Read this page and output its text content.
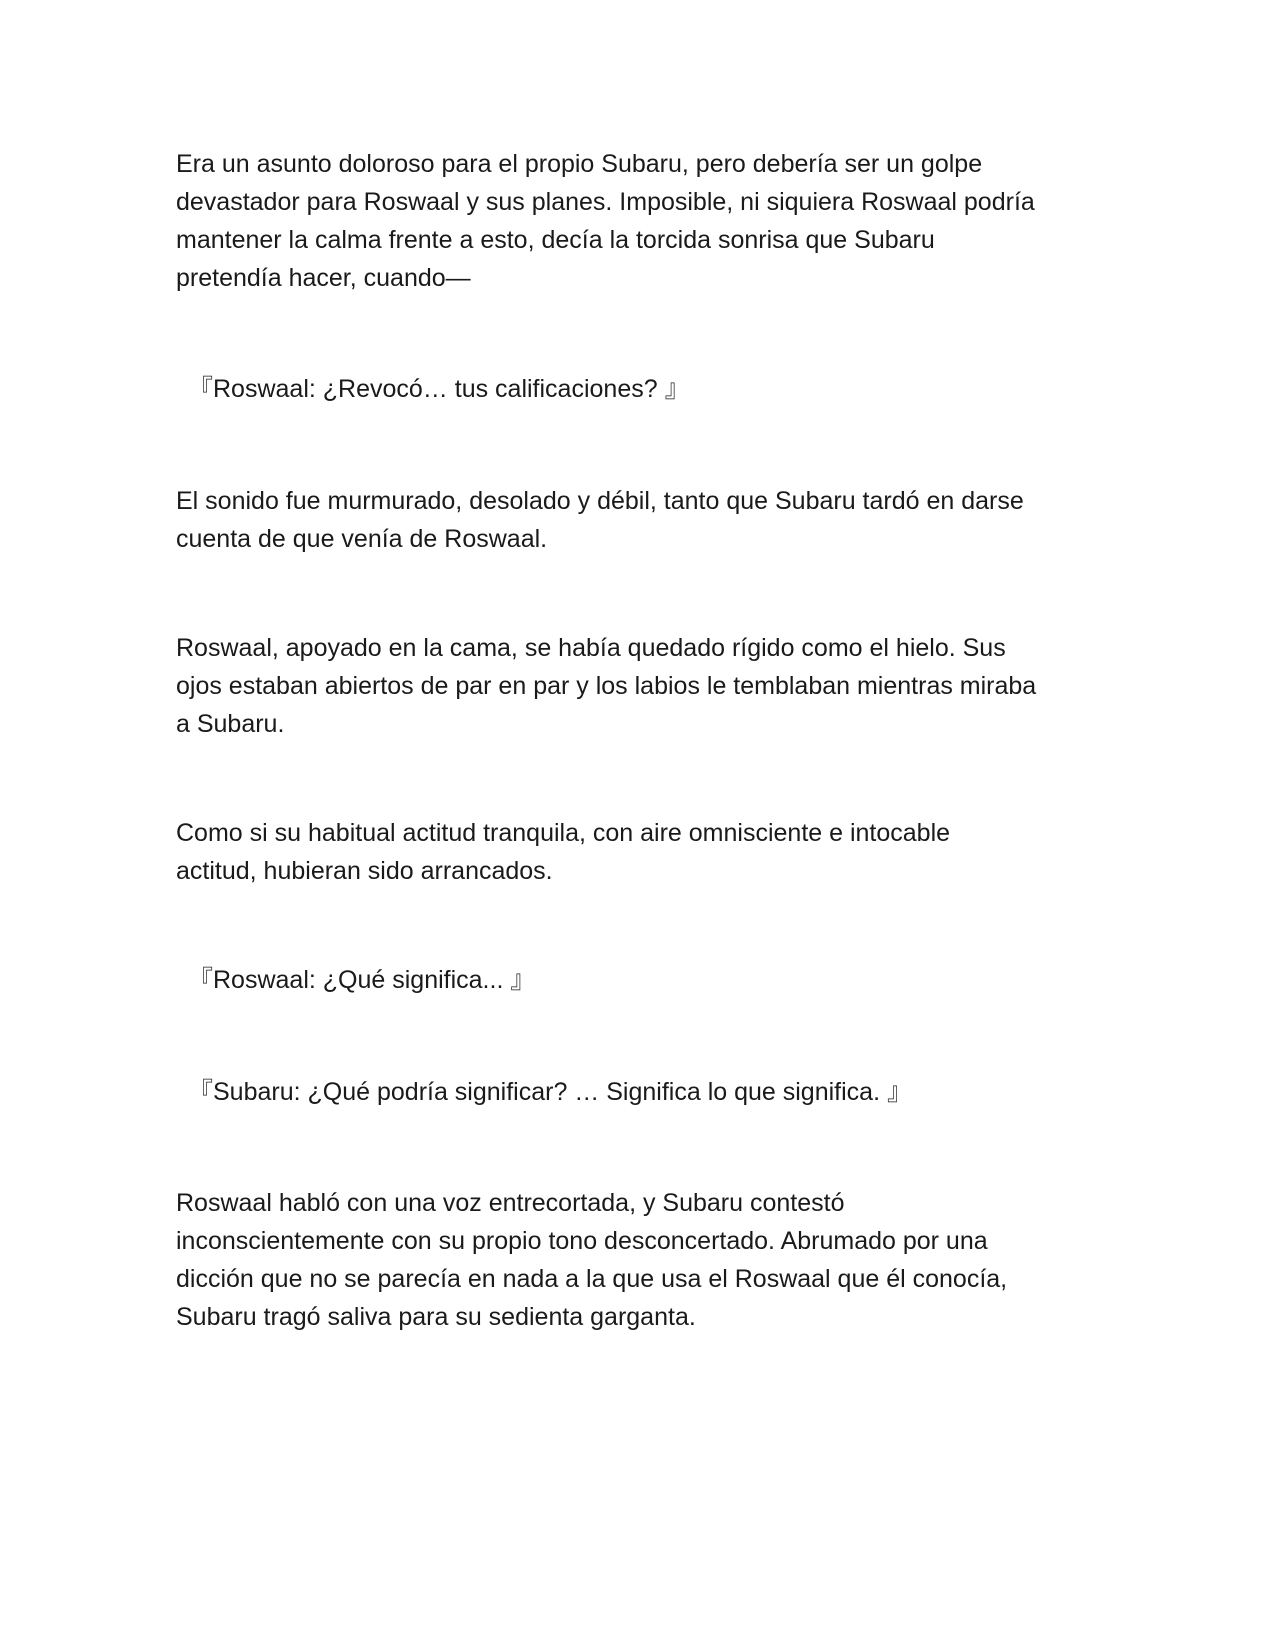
Era un asunto doloroso para el propio Subaru, pero debería ser un golpe
devastador para Roswaal y sus planes. Imposible, ni siquiera Roswaal podría
mantener la calma frente a esto, decía la torcida sonrisa que Subaru
pretendía hacer, cuando—

『Roswaal: ¿Revocó… tus calificaciones? 』

El sonido fue murmurado, desolado y débil, tanto que Subaru tardó en darse
cuenta de que venía de Roswaal.

Roswaal, apoyado en la cama, se había quedado rígido como el hielo. Sus
ojos estaban abiertos de par en par y los labios le temblaban mientras miraba
a Subaru.

Como si su habitual actitud tranquila, con aire omnisciente e intocable
actitud, hubieran sido arrancados.

『Roswaal: ¿Qué significa... 』

『Subaru: ¿Qué podría significar? … Significa lo que significa. 』

Roswaal habló con una voz entrecortada, y Subaru contestó
inconscientemente con su propio tono desconcertado. Abrumado por una
dicción que no se parecía en nada a la que usa el Roswaal que él conocía,
Subaru tragó saliva para su sedienta garganta.
